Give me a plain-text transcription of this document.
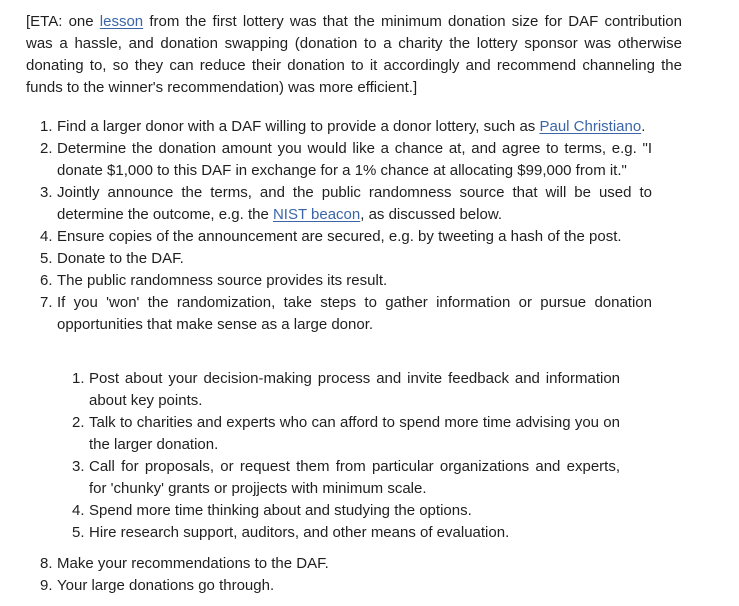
[ETA: one lesson from the first lottery was that the minimum donation size for DAF contribution was a hassle, and donation swapping (donation to a charity the lottery sponsor was otherwise donating to, so they can reduce their donation to it accordingly and recommend channeling the funds to the winner's recommendation) was more efficient.]

1. Find a larger donor with a DAF willing to provide a donor lottery, such as Paul Christiano.
2. Determine the donation amount you would like a chance at, and agree to terms, e.g. "I donate $1,000 to this DAF in exchange for a 1% chance at allocating $99,000 from it."
3. Jointly announce the terms, and the public randomness source that will be used to determine the outcome, e.g. the NIST beacon, as discussed below.
4. Ensure copies of the announcement are secured, e.g. by tweeting a hash of the post.
5. Donate to the DAF.
6. The public randomness source provides its result.
7. If you 'won' the randomization, take steps to gather information or pursue donation opportunities that make sense as a large donor.
1. Post about your decision-making process and invite feedback and information about key points.
2. Talk to charities and experts who can afford to spend more time advising you on the larger donation.
3. Call for proposals, or request them from particular organizations and experts, for 'chunky' grants or projjects with minimum scale.
4. Spend more time thinking about and studying the options.
5. Hire research support, auditors, and other means of evaluation.
8. Make your recommendations to the DAF.
9. Your large donations go through.
